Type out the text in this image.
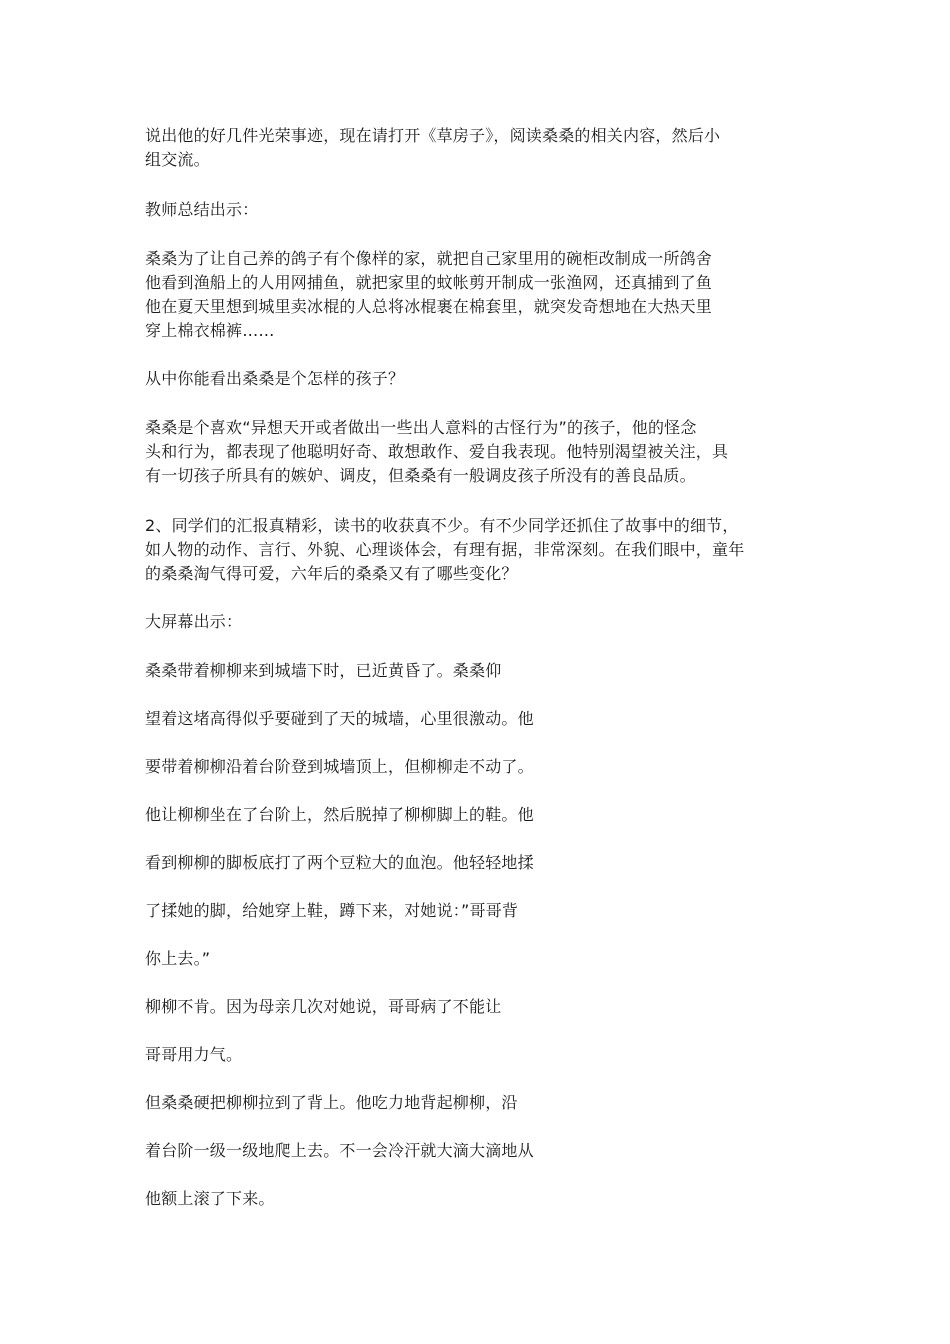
说出他的好几件光荣事迹，现在请打开《草房子》，阅读桑桑的相关内容，然后小
组交流。

教师总结出示：

桑桑为了让自己养的鸽子有个像样的家，就把自己家里用的碗柜改制成一所鸽舍
他看到渔船上的人用网捕鱼，就把家里的蚊帐剪开制成一张渔网，还真捕到了鱼
他在夏天里想到城里卖冰棍的人总将冰棍裹在棉套里，就突发奇想地在大热天里
穿上棉衣棉裤……

从中你能看出桑桑是个怎样的孩子？

桑桑是个喜欢“异想天开或者做出一些出人意料的古怪行为”的孩子，他的怪念
头和行为，都表现了他聪明好奇、敢想敢作、爱自我表现。他特别渴望被关注，具
有一切孩子所具有的嫉妒、调皮，但桑桑有一般调皮孩子所没有的善良品质。

2、同学们的汇报真精彩，读书的收获真不少。有不少同学还抓住了故事中的细节，
如人物的动作、言行、外貌、心理谈体会，有理有据，非常深刻。在我们眼中，童年
的桑桑淘气得可爱，六年后的桑桑又有了哪些变化？

大屏幕出示：

桑桑带着柳柳来到城墙下时，已近黄昏了。桑桑仰

望着这堵高得似乎要碰到了天的城墙，心里很激动。他

要带着柳柳沿着台阶登到城墙顶上，但柳柳走不动了。

他让柳柳坐在了台阶上，然后脱掉了柳柳脚上的鞋。他

看到柳柳的脚板底打了两个豆粒大的血泡。他轻轻地揉

了揉她的脚，给她穿上鞋，蹲下来，对她说：”哥哥背

你上去。”

柳柳不肯。因为母亲几次对她说，哥哥病了不能让

哥哥用力气。

但桑桑硬把柳柳拉到了背上。他吃力地背起柳柳，沿

着台阶一级一级地爬上去。不一会冷汗就大滴大滴地从

他额上滚了下来。
